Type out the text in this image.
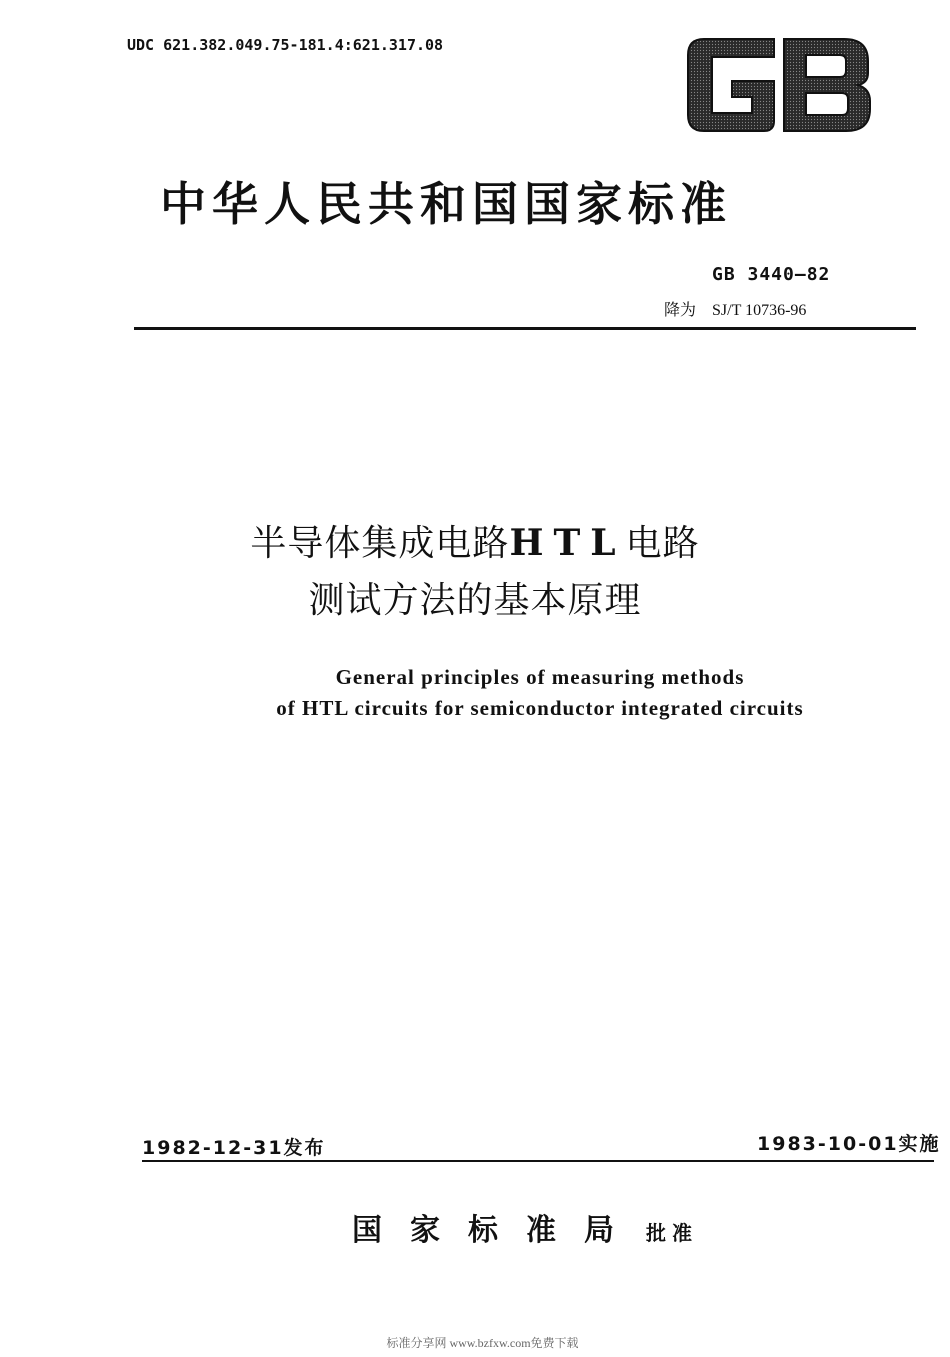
UDC 621.382.049.75-181.4:621.317.08
中华人民共和国国家标准
GB 3440—82
降为 SJ/T 10736-96
半导体集成电路HTL电路
测试方法的基本原理
General principles of measuring methods
of HTL circuits for semiconductor integrated circuits
1982-12-31发布	1983-10-01实施
国家标准局 批准
标准分享网 www.bzfxw.com免费下载
